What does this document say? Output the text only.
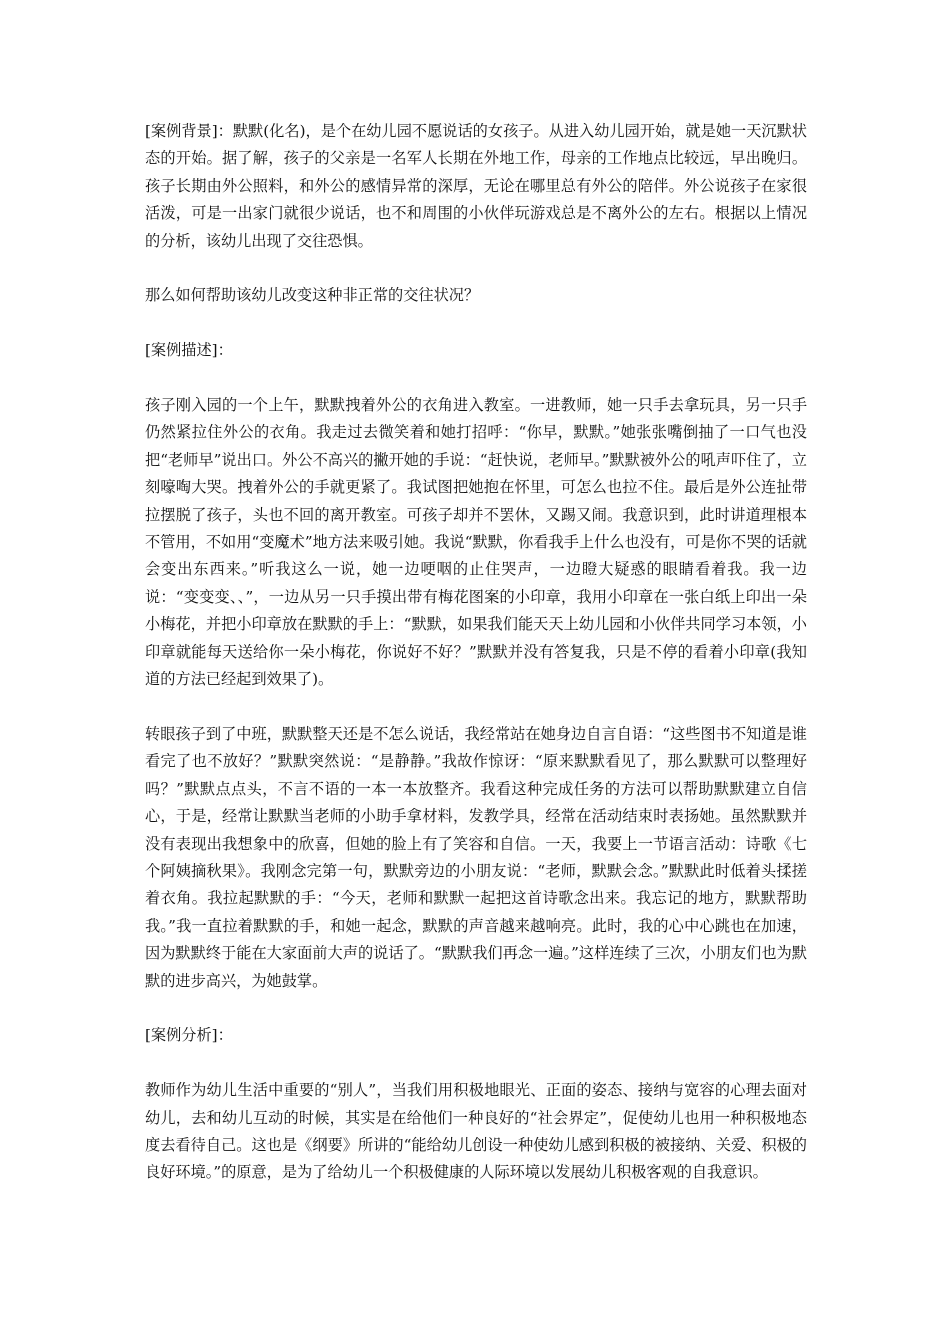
[案例背景]：默默(化名)，是个在幼儿园不愿说话的女孩子。从进入幼儿园开始，就是她一天沉默状态的开始。据了解，孩子的父亲是一名军人长期在外地工作，母亲的工作地点比较远，早出晚归。孩子长期由外公照料，和外公的感情异常的深厚，无论在哪里总有外公的陪伴。外公说孩子在家很活泼，可是一出家门就很少说话，也不和周围的小伙伴玩游戏总是不离外公的左右。根据以上情况的分析，该幼儿出现了交往恐惧。

那么如何帮助该幼儿改变这种非正常的交往状况？

[案例描述]：

孩子刚入园的一个上午，默默拽着外公的衣角进入教室。一进教师，她一只手去拿玩具，另一只手仍然紧拉住外公的衣角。我走过去微笑着和她打招呼：“你早，默默。”她张张嘴倒抽了一口气也没把“老师早”说出口。外公不高兴的撇开她的手说：“赶快说，老师早。”默默被外公的吼声吓住了，立刻嚎啕大哭。拽着外公的手就更紧了。我试图把她抱在怀里，可怎么也拉不住。最后是外公连扯带拉摆脱了孩子，头也不回的离开教室。可孩子却并不罢休，又踢又闹。我意识到，此时讲道理根本不管用，不如用“变魔术”地方法来吸引她。我说“默默，你看我手上什么也没有，可是你不哭的话就会变出东西来。”听我这么一说，她一边哽咽的止住哭声，一边瞪大疑惑的眼睛看着我。我一边说：“变变变、、”，一边从另一只手摸出带有梅花图案的小印章，我用小印章在一张白纸上印出一朵小梅花，并把小印章放在默默的手上：“默默，如果我们能天天上幼儿园和小伙伴共同学习本领，小印章就能每天送给你一朵小梅花，你说好不好？”默默并没有答复我，只是不停的看着小印章(我知道的方法已经起到效果了)。

转眼孩子到了中班，默默整天还是不怎么说话，我经常站在她身边自言自语：“这些图书不知道是谁看完了也不放好？”默默突然说：“是静静。”我故作惊讶：“原来默默看见了，那么默默可以整理好吗？”默默点点头，不言不语的一本一本放整齐。我看这种完成任务的方法可以帮助默默建立自信心，于是，经常让默默当老师的小助手拿材料，发教学具，经常在活动结束时表扬她。虽然默默并没有表现出我想象中的欣喜，但她的脸上有了笑容和自信。一天，我要上一节语言活动：诗歌《七个阿姨摘秋果》。我刚念完第一句，默默旁边的小朋友说：“老师，默默会念。”默默此时低着头揉搓着衣角。我拉起默默的手：“今天，老师和默默一起把这首诗歌念出来。我忘记的地方，默默帮助我。”我一直拉着默默的手，和她一起念，默默的声音越来越响亮。此时，我的心中心跳也在加速，因为默默终于能在大家面前大声的说话了。“默默我们再念一遍。”这样连续了三次，小朋友们也为默默的进步高兴，为她鼓掌。

[案例分析]：

教师作为幼儿生活中重要的“别人”，当我们用积极地眼光、正面的姿态、接纳与宽容的心理去面对幼儿，去和幼儿互动的时候，其实是在给他们一种良好的“社会界定”，促使幼儿也用一种积极地态度去看待自己。这也是《纲要》所讲的“能给幼儿创设一种使幼儿感到积极的被接纳、关爱、积极的良好环境。”的原意，是为了给幼儿一个积极健康的人际环境以发展幼儿积极客观的自我意识。
